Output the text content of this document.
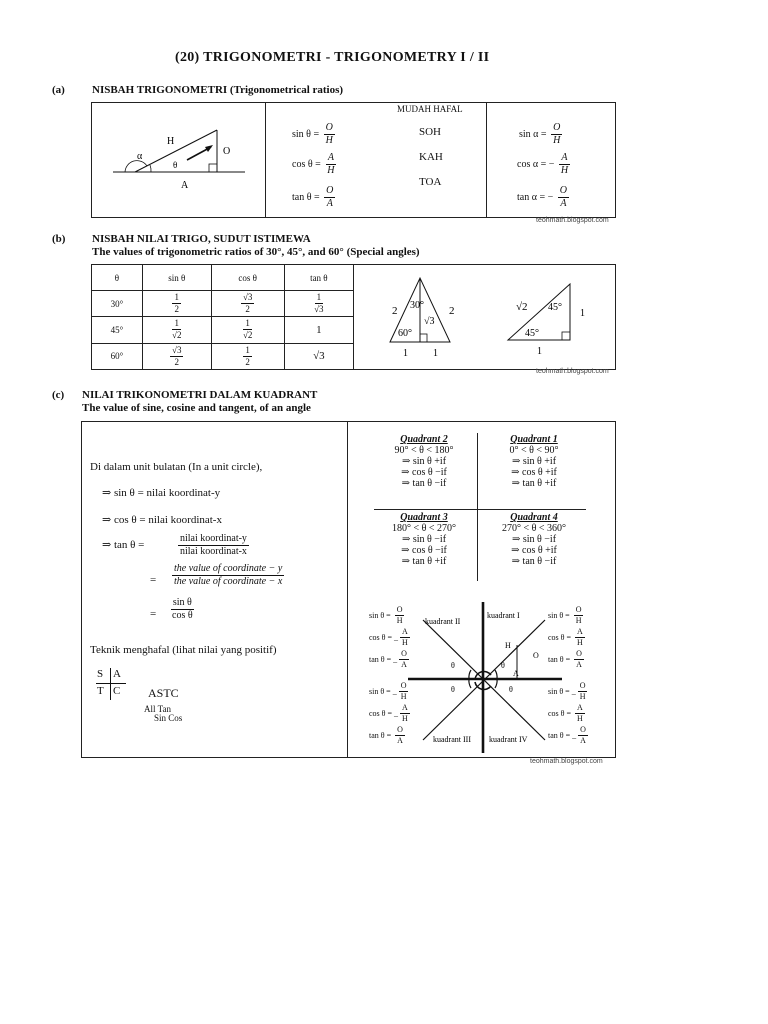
(20) TRIGONOMETRI - TRIGONOMETRY I / II
(a) NISBAH TRIGONOMETRI (Trigonometrical ratios)
α
θ
H
O
A
$\sin \theta = \frac{O}{H}$
$\cos \theta = \frac{A}{H}$
$\tan \theta = \frac{O}{A}$
MUDAH HAFAL
SOH
KAH
TOA
$\sin \alpha = \frac{O}{H}$
cos α = − $\frac{A}{H}$
tan α = − $\frac{O}{A}$
teohmath.blogspot.com
(b) NISBAH NILAI TRIGO, SUDUT ISTIMEWA
The values of trigonometric ratios of 30°, 45°, and 60° (Special angles)
θ	sin θ	cos θ	tan θ
30°	$\frac{1}{2}$	$\frac{√3}{2}$	$\frac{1}{√3}$

45°	$\frac{1}{√2}$	$\frac{1}{√2}$	1
60°	$\frac{√3}{2}$	$\frac{1}{2}$	√3
30°
2	2
√3
60°
1	1
√2 45°
1
45°
1
teohmath.blogspot.com
(c) NILAI TRIKONOMETRI DALAM KUADRANT
The value of sine, cosine and tangent, of an angle
Di dalam unit bulatan (In a unit circle),
⇒ sin θ = nilai koordinat-y
⇒ cos θ = nilai koordinat-x
⇒ tan θ =	$\frac{\text{nilai koordinat-y}}{\text{nilai koordinat-x}}$
= $\frac{\text{the value of coordinate − y}}{\text{the value of coordinate − x}}$
= $\frac{\text{sin θ}}{\text{cos θ}}$
Teknik menghafal (lihat nilai yang positif)
S A
T C ASTC
All Tan
Sin Cos
Quadrant 2
90° < θ < 180°
⇒ sin θ +if
⇒ cos θ −if
⇒ tan θ −if
Quadrant 1
0° < θ < 90°
⇒ sin θ +if
⇒ cos θ +if
⇒ tan θ +if
Quadrant 3
180° < θ < 270°
⇒ sin θ −if
⇒ cos θ −if
⇒ tan θ +if
Quadrant 4
270° < θ < 360°
⇒ sin θ −if
⇒ cos θ +if
⇒ tan θ −if
kuadrant I
kuadrant II
kuadrant III kuadrant IV
H
O
A
θ
θ
θ	θ
sin θ =
$\frac{O}{H}$
cos θ =
_ $\frac{A}{H}$
tan θ =
_ $\frac{O}{A}$
sin θ =
_ $\frac{O}{H}$
cos θ =
_ $\frac{A}{H}$
tan θ =
$\frac{O}{A}$
sin θ =
$\frac{O}{H}$
cos θ =
$\frac{A}{H}$
tan θ =
$\frac{O}{A}$
sin θ =
_ $\frac{O}{H}$
cos θ =
$\frac{A}{H}$
tan θ =
_ $\frac{O}{A}$
teohmath.blogspot.com
